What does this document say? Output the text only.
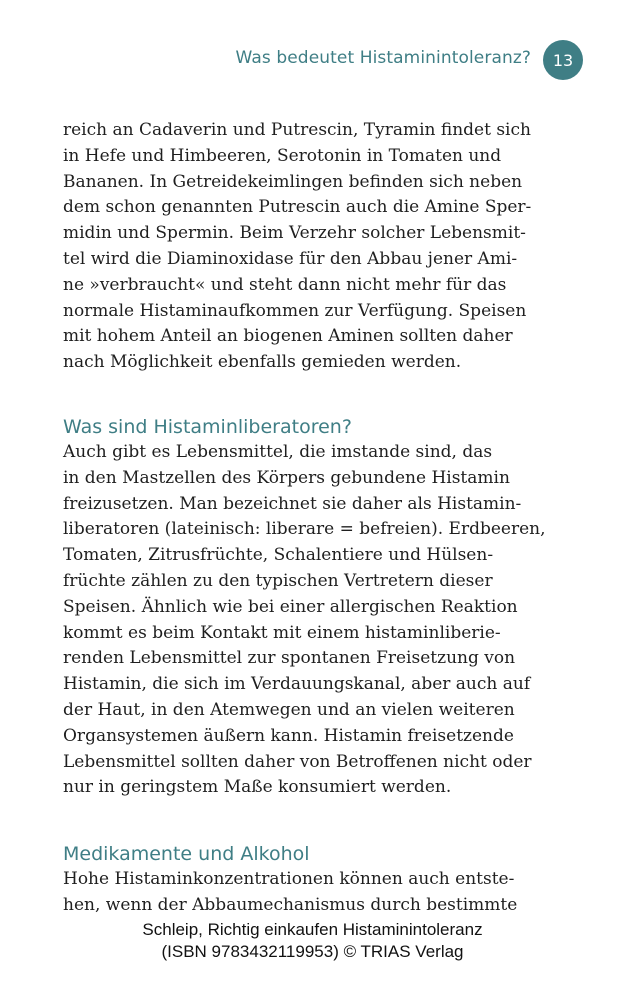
Was bedeutet Histaminintoleranz?	13
reich an Cadaverin und Putrescin, Tyramin findet sich
in Hefe und Himbeeren, Serotonin in Tomaten und
Bananen. In Getreidekeimlingen befinden sich neben
dem schon genannten Putrescin auch die Amine Sper-
midin und Spermin. Beim Verzehr solcher Lebensmit-
tel wird die Diaminoxidase für den Abbau jener Ami-
ne »verbraucht« und steht dann nicht mehr für das
normale Histaminaufkommen zur Verfügung. Speisen
mit hohem Anteil an biogenen Aminen sollten daher
nach Möglichkeit ebenfalls gemieden werden.
Was sind Histaminliberatoren?
Auch gibt es Lebensmittel, die imstande sind, das
in den Mastzellen des Körpers gebundene Histamin
freizusetzen. Man bezeichnet sie daher als Histamin-
liberatoren (lateinisch: liberare = befreien). Erdbeeren,
Tomaten, Zitrusfrüchte, Schalentiere und Hülsen-
früchte zählen zu den typischen Vertretern dieser
Speisen. Ähnlich wie bei einer allergischen Reaktion
kommt es beim Kontakt mit einem histaminliberie-
renden Lebensmittel zur spontanen Freisetzung von
Histamin, die sich im Verdauungskanal, aber auch auf
der Haut, in den Atemwegen und an vielen weiteren
Organsystemen äußern kann. Histamin freisetzende
Lebensmittel sollten daher von Betroffenen nicht oder
nur in geringstem Maße konsumiert werden.
Medikamente und Alkohol
Hohe Histaminkonzentrationen können auch entste-
hen, wenn der Abbaumechanismus durch bestimmte
Schleip, Richtig einkaufen Histaminintoleranz
(ISBN 9783432119953) © TRIAS Verlag
